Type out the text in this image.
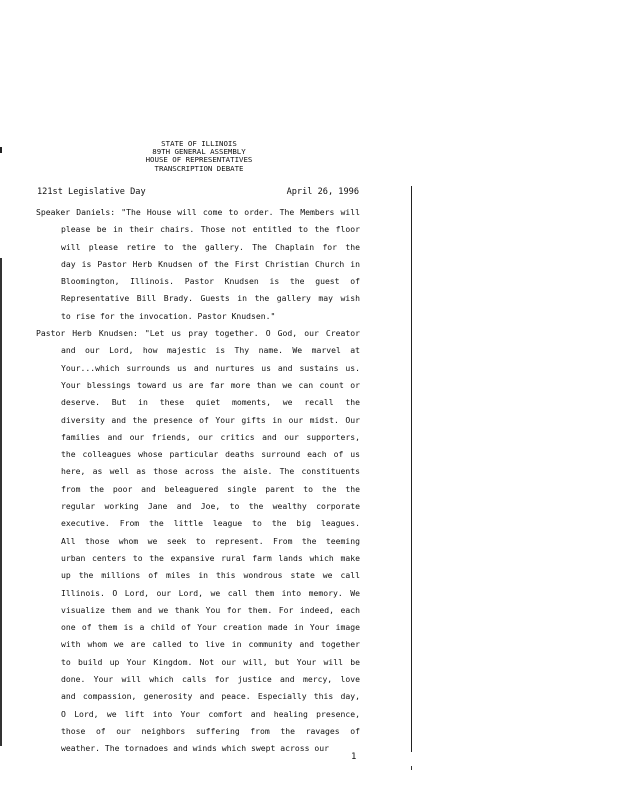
STATE OF ILLINOIS
89TH GENERAL ASSEMBLY
HOUSE OF REPRESENTATIVES
TRANSCRIPTION DEBATE
121st Legislative Day	April 26, 1996
Speaker Daniels: "The House will come to order. The Members will
please be in their chairs. Those not entitled to the floor
will please retire to the gallery. The Chaplain for the
day is Pastor Herb Knudsen of the First Christian Church in
Bloomington, Illinois. Pastor Knudsen is the guest of
Representative Bill Brady. Guests in the gallery may wish
to rise for the invocation. Pastor Knudsen."
Pastor Herb Knudsen: "Let us pray together. O God, our Creator
and our Lord, how majestic is Thy name. We marvel at
Your...which surrounds us and nurtures us and sustains us.
Your blessings toward us are far more than we can count or
deserve. But in these quiet moments, we recall the
diversity and the presence of Your gifts in our midst. Our
families and our friends, our critics and our supporters,
the colleagues whose particular deaths surround each of us
here, as well as those across the aisle. The constituents
from the poor and beleaguered single parent to the the
regular working Jane and Joe, to the wealthy corporate
executive. From the little league to the big leagues.
All those whom we seek to represent. From the teeming
urban centers to the expansive rural farm lands which make
up the millions of miles in this wondrous state we call
Illinois. O Lord, our Lord, we call them into memory. We
visualize them and we thank You for them. For indeed, each
one of them is a child of Your creation made in Your image
with whom we are called to live in community and together
to build up Your Kingdom. Not our will, but Your will be
done. Your will which calls for justice and mercy, love
and compassion, generosity and peace. Especially this day,
O Lord, we lift into Your comfort and healing presence,
those of our neighbors suffering from the ravages of
weather. The tornadoes and winds which swept across our
1
